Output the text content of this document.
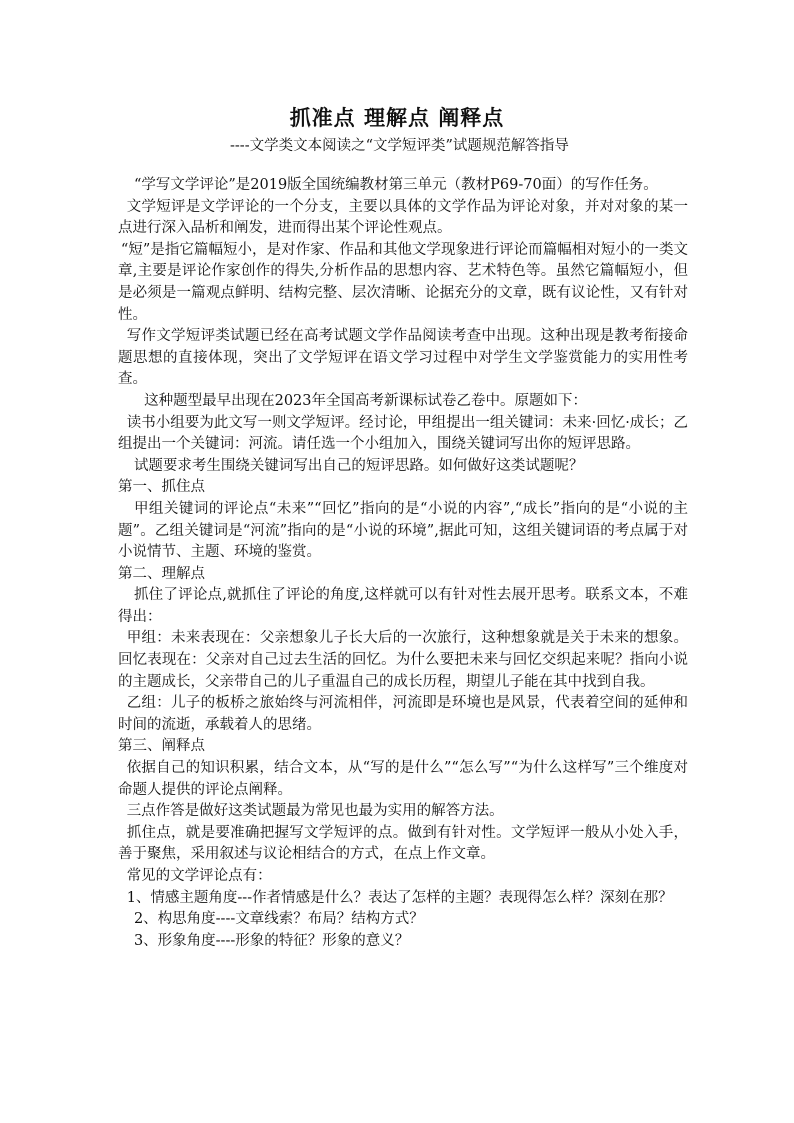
抓准点 理解点 阐释点
----文学类文本阅读之“文学短评类”试题规范解答指导

“学写文学评论”是2019版全国统编教材第三单元（教材P69-70面）的写作任务。

文学短评是文学评论的一个分支，主要以具体的文学作品为评论对象，并对对象的某一点进行深入品析和阐发，进而得出某个评论性观点。

“短”是指它篇幅短小，是对作家、作品和其他文学现象进行评论而篇幅相对短小的一类文章,主要是评论作家创作的得失,分析作品的思想内容、艺术特色等。虽然它篇幅短小，但是必须是一篇观点鲜明、结构完整、层次清晰、论据充分的文章，既有议论性，又有针对性。

写作文学短评类试题已经在高考试题文学作品阅读考查中出现。这种出现是教考衔接命题思想的直接体现，突出了文学短评在语文学习过程中对学生文学鉴赏能力的实用性考查。

这种题型最早出现在2023年全国高考新课标试卷乙卷中。原题如下：

读书小组要为此文写一则文学短评。经讨论，甲组提出一组关键词：未来·回忆·成长；乙组提出一个关键词：河流。请任选一个小组加入，围绕关键词写出你的短评思路。

试题要求考生围绕关键词写出自己的短评思路。如何做好这类试题呢？

第一、抓住点

甲组关键词的评论点“未来”“回忆”指向的是“小说的内容”,“成长”指向的是“小说的主题”。乙组关键词是“河流”指向的是“小说的环境”,据此可知，这组关键词语的考点属于对小说情节、主题、环境的鉴赏。

第二、理解点

抓住了评论点,就抓住了评论的角度,这样就可以有针对性去展开思考。联系文本，不难得出：

甲组：未来表现在：父亲想象儿子长大后的一次旅行，这种想象就是关于未来的想象。回忆表现在：父亲对自己过去生活的回忆。为什么要把未来与回忆交织起来呢？指向小说的主题成长，父亲带自己的儿子重温自己的成长历程，期望儿子能在其中找到自我。

乙组：儿子的板桥之旅始终与河流相伴，河流即是环境也是风景，代表着空间的延伸和时间的流逝，承载着人的思绪。

第三、阐释点

依据自己的知识积累，结合文本，从“写的是什么”“怎么写”“为什么这样写”三个维度对命题人提供的评论点阐释。

三点作答是做好这类试题最为常见也最为实用的解答方法。

抓住点，就是要准确把握写文学短评的点。做到有针对性。文学短评一般从小处入手，善于聚焦，采用叙述与议论相结合的方式，在点上作文章。

常见的文学评论点有：

1、情感主题角度---作者情感是什么？表达了怎样的主题？表现得怎么样？深刻在那？

2、构思角度----文章线索？布局？结构方式？

3、形象角度----形象的特征？形象的意义？
